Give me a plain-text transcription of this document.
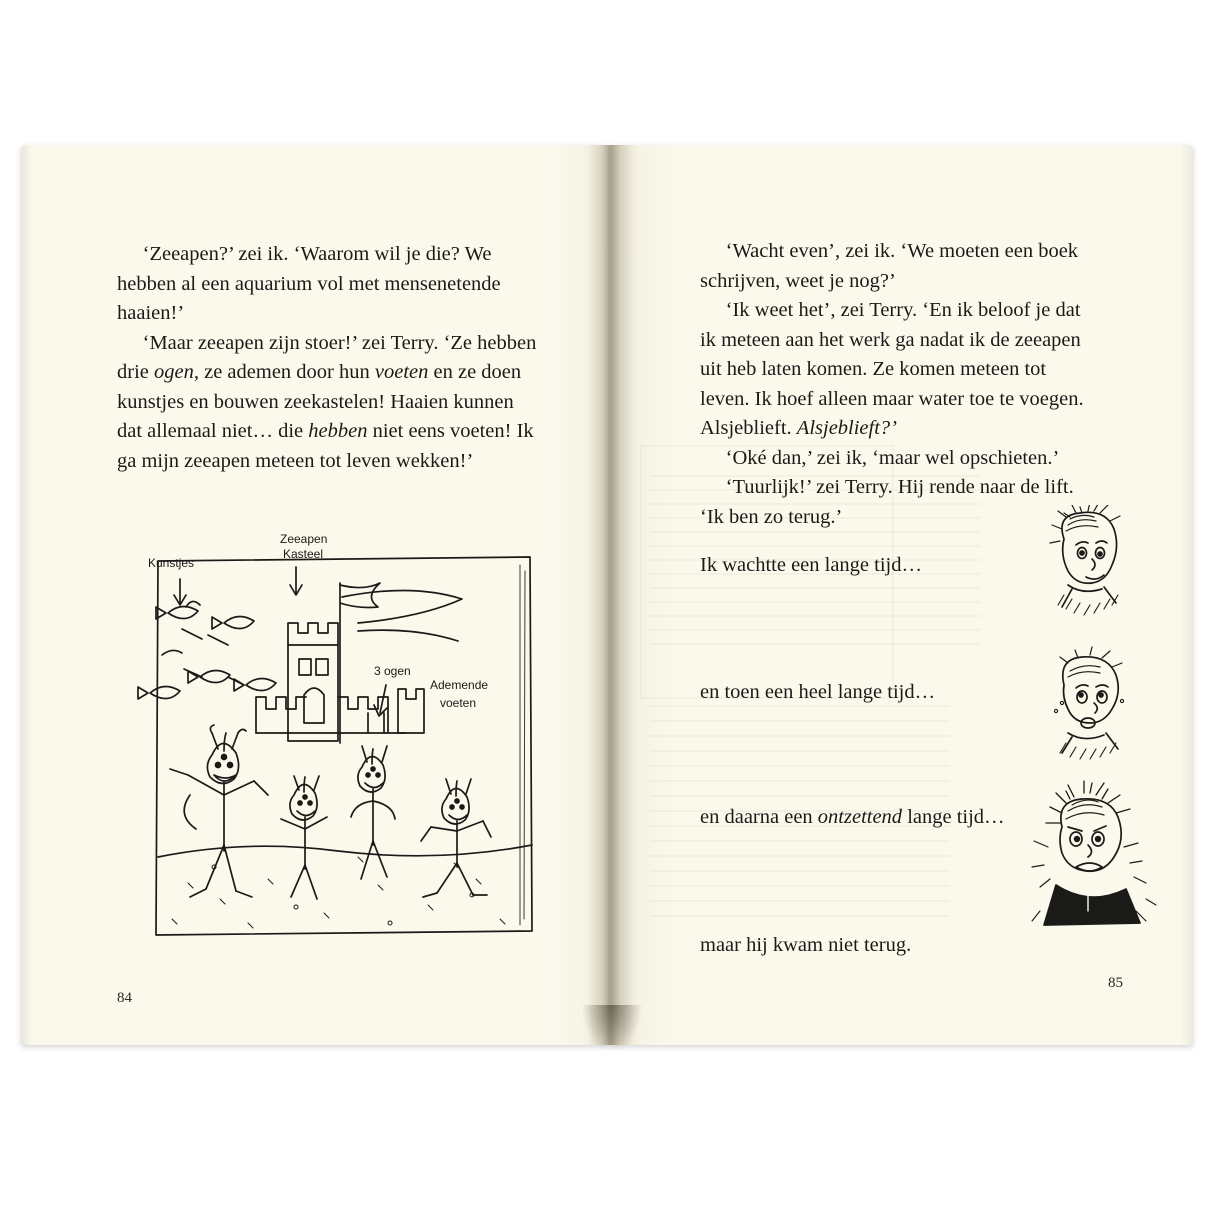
‘Zeeapen?’ zei ik. ‘Waarom wil je die? We hebben al een aquarium vol met mensenetende haaien!’

‘Maar zeeapen zijn stoer!’ zei Terry. ‘Ze hebben drie ogen, ze ademen door hun voeten en ze doen kunstjes en bouwen zeekastelen! Haaien kunnen dat allemaal niet… die hebben niet eens voeten! Ik ga mijn zeeapen meteen tot leven wekken!’

Zeeapen
Kasteel
Kunstjes
3 ogen
Ademende
voeten
84

‘Wacht even’, zei ik. ‘We moeten een boek schrijven, weet je nog?’

‘Ik weet het’, zei Terry. ‘En ik beloof je dat ik meteen aan het werk ga nadat ik de zeeapen uit heb laten komen. Ze komen meteen tot leven. Ik hoef alleen maar water toe te voegen. Alsjeblieft. Alsjeblieft?’

‘Oké dan,’ zei ik, ‘maar wel opschieten.’

‘Tuurlijk!’ zei Terry. Hij rende naar de lift. ‘Ik ben zo terug.’

Ik wachtte een lange tijd…

en toen een heel lange tijd…

en daarna een ontzettend lange tijd…

maar hij kwam niet terug.

85
